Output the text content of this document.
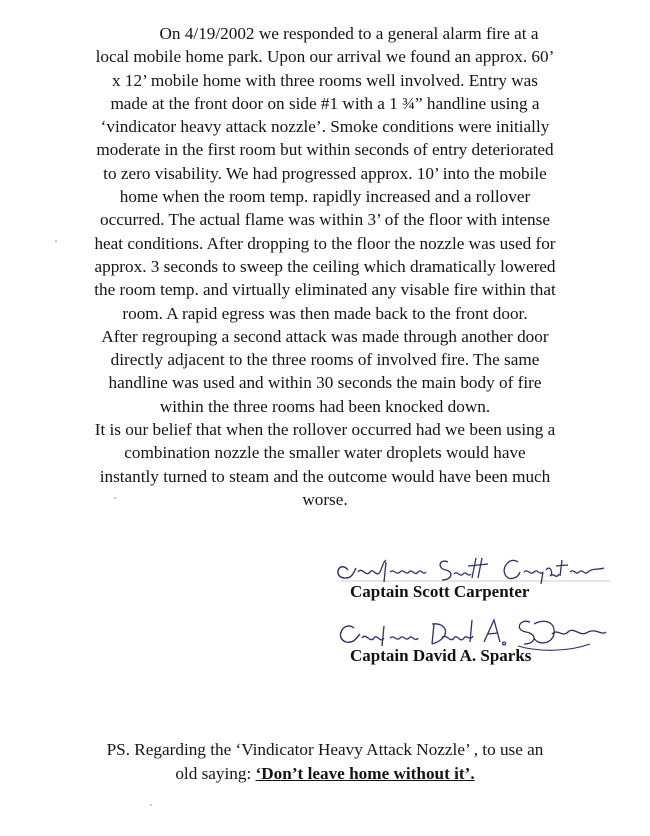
On 4/19/2002 we responded to a general alarm fire at a
local mobile home park. Upon our arrival we found an approx. 60’
x 12’ mobile home with three rooms well involved. Entry was
made at the front door on side #1 with a 1 ¾” handline using a
‘vindicator heavy attack nozzle’. Smoke conditions were initially
moderate in the first room but within seconds of entry deteriorated
to zero visability. We had progressed approx. 10’ into the mobile
home when the room temp. rapidly increased and a rollover
occurred. The actual flame was within 3’ of the floor with intense
heat conditions. After dropping to the floor the nozzle was used for
approx. 3 seconds to sweep the ceiling which dramatically lowered
the room temp. and virtually eliminated any visable fire within that
room. A rapid egress was then made back to the front door.
After regrouping a second attack was made through another door
directly adjacent to the three rooms of involved fire. The same
handline was used and within 30 seconds the main body of fire
within the three rooms had been knocked down.
It is our belief that when the rollover occurred had we been using a
combination nozzle the smaller water droplets would have
instantly turned to steam and the outcome would have been much
worse.
Captain Scott Carpenter
Captain David A. Sparks
PS. Regarding the ‘Vindicator Heavy Attack Nozzle’ , to use an
old saying: ‘Don’t leave home without it’.
